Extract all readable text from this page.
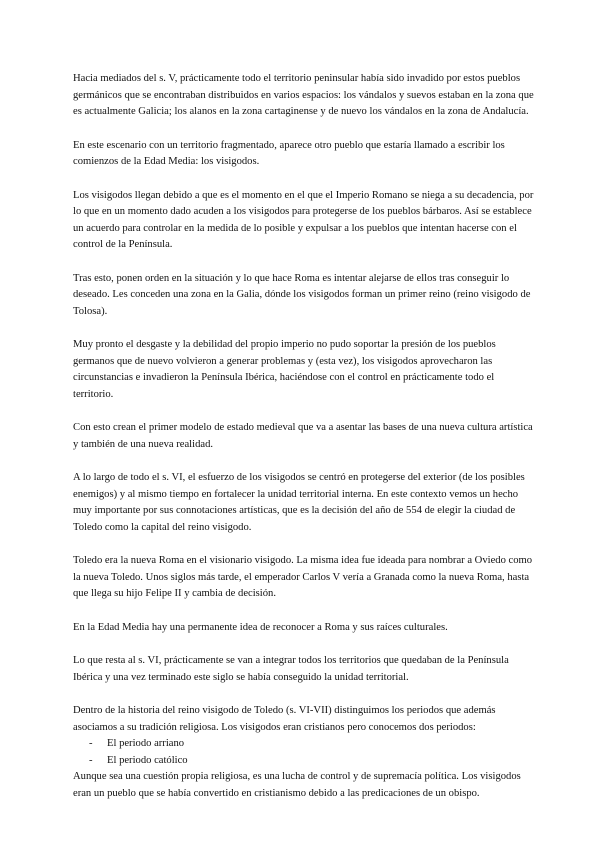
Hacia mediados del s. V, prácticamente todo el territorio peninsular había sido invadido por estos pueblos germánicos que se encontraban distribuidos en varios espacios: los vándalos y suevos estaban en la zona que es actualmente Galicia; los alanos en la zona cartaginense y de nuevo los vándalos en la zona de Andalucía.

En este escenario con un territorio fragmentado, aparece otro pueblo que estaría llamado a escribir los comienzos de la Edad Media: los visigodos.

Los visigodos llegan debido a que es el momento en el que el Imperio Romano se niega a su decadencia, por lo que en un momento dado acuden a los visigodos para protegerse de los pueblos bárbaros. Así se establece un acuerdo para controlar en la medida de lo posible y expulsar a los pueblos que intentan hacerse con el control de la Península.

Tras esto, ponen orden en la situación y lo que hace Roma es intentar alejarse de ellos tras conseguir lo deseado. Les conceden una zona en la Galia, dónde los visigodos forman un primer reino (reino visigodo de Tolosa).

Muy pronto el desgaste y la debilidad del propio imperio no pudo soportar la presión de los pueblos germanos que de nuevo volvieron a generar problemas y (esta vez), los visigodos aprovecharon las circunstancias e invadieron la Península Ibérica, haciéndose con el control en prácticamente todo el territorio.

Con esto crean el primer modelo de estado medieval que va a asentar las bases de una nueva cultura artística y también de una nueva realidad.

A lo largo de todo el s. VI, el esfuerzo de los visigodos se centró en protegerse del exterior (de los posibles enemigos) y al mismo tiempo en fortalecer la unidad territorial interna. En este contexto vemos un hecho muy importante por sus connotaciones artísticas, que es la decisión del año de 554 de elegir la ciudad de Toledo como la capital del reino visigodo.

Toledo era la nueva Roma en el visionario visigodo. La misma idea fue ideada para nombrar a Oviedo como la nueva Toledo. Unos siglos más tarde, el emperador Carlos V vería a Granada como la nueva Roma, hasta que llega su hijo Felipe II y cambia de decisión.

En la Edad Media hay una permanente idea de reconocer a Roma y sus raíces culturales.

Lo que resta al s. VI, prácticamente se van a integrar todos los territorios que quedaban de la Península Ibérica y una vez terminado este siglo se había conseguido la unidad territorial.

Dentro de la historia del reino visigodo de Toledo (s. VI-VII) distinguimos los periodos que además asociamos a su tradición religiosa. Los visigodos eran cristianos pero conocemos dos periodos:

- El periodo arriano
- El periodo católico

Aunque sea una cuestión propia religiosa, es una lucha de control y de supremacía política. Los visigodos eran un pueblo que se había convertido en cristianismo debido a las predicaciones de un obispo.
